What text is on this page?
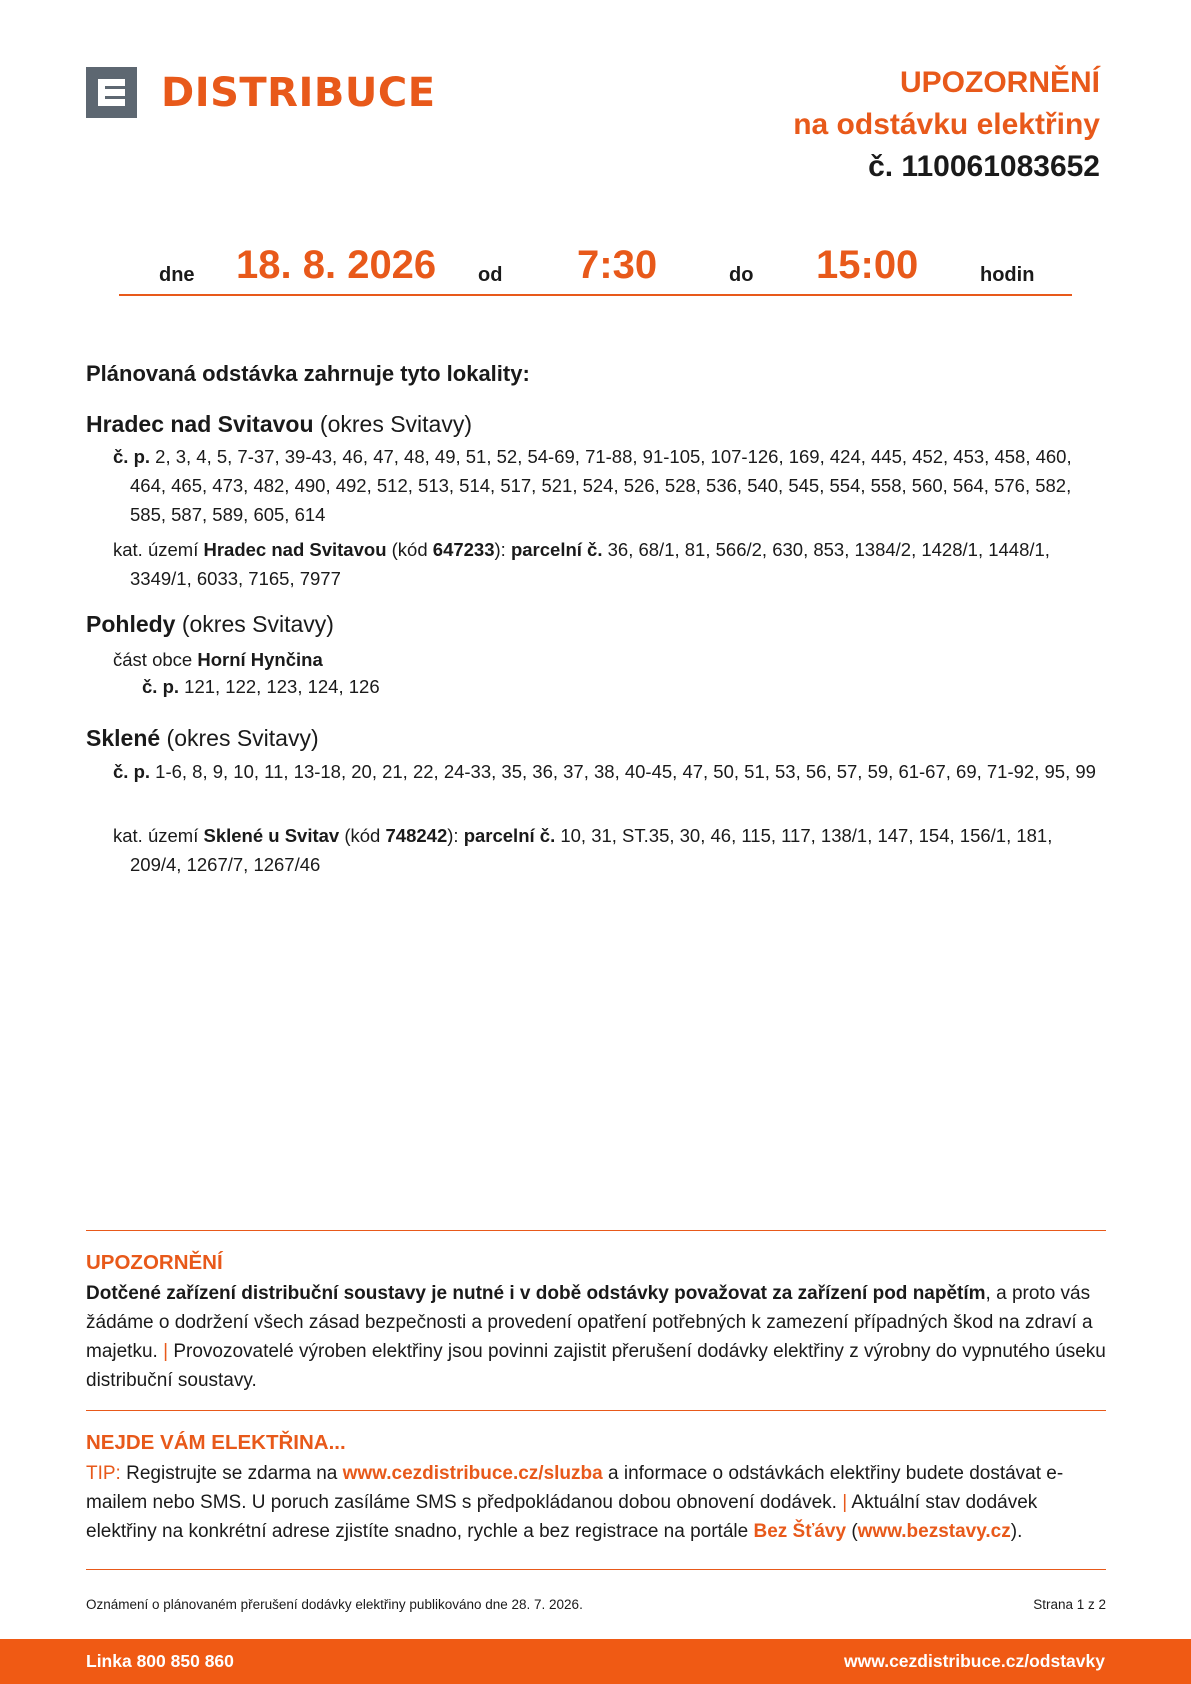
DISTRIBUCE	UPOZORNĚNÍ
na odstávku elektřiny
č. 110061083652
dne 18. 8. 2026 od 7:30	do 15:00	hodin
Plánovaná odstávka zahrnuje tyto lokality:
Hradec nad Svitavou (okres Svitavy)
č. p. 2, 3, 4, 5, 7-37, 39-43, 46, 47, 48, 49, 51, 52, 54-69, 71-88, 91-105, 107-126, 169, 424, 445, 452, 453, 458, 460, 464, 465, 473, 482, 490, 492, 512, 513, 514, 517, 521, 524, 526, 528, 536, 540, 545, 554, 558, 560, 564, 576, 582, 585, 587, 589, 605, 614
kat. území Hradec nad Svitavou (kód 647233): parcelní č. 36, 68/1, 81, 566/2, 630, 853, 1384/2, 1428/1, 1448/1, 3349/1, 6033, 7165, 7977
Pohledy (okres Svitavy)
část obce Horní Hynčina
č. p. 121, 122, 123, 124, 126
Sklené (okres Svitavy)
č. p. 1-6, 8, 9, 10, 11, 13-18, 20, 21, 22, 24-33, 35, 36, 37, 38, 40-45, 47, 50, 51, 53, 56, 57, 59, 61-67, 69, 71-92, 95, 99
kat. území Sklené u Svitav (kód 748242): parcelní č. 10, 31, ST.35, 30, 46, 115, 117, 138/1, 147, 154, 156/1, 181, 209/4, 1267/7, 1267/46
UPOZORNĚNÍ
Dotčené zařízení distribuční soustavy je nutné i v době odstávky považovat za zařízení pod napětím, a proto vás žádáme o dodržení všech zásad bezpečnosti a provedení opatření potřebných k zamezení případných škod na zdraví a majetku. | Provozovatelé výroben elektřiny jsou povinni zajistit přerušení dodávky elektřiny z výrobny do vypnutého úseku distribuční soustavy.
NEJDE VÁM ELEKTŘINA...
TIP: Registrujte se zdarma na www.cezdistribuce.cz/sluzba a informace o odstávkách elektřiny budete dostávat e-mailem nebo SMS. U poruch zasíláme SMS s předpokládanou dobou obnovení dodávek. | Aktuální stav dodávek elektřiny na konkrétní adrese zjistíte snadno, rychle a bez registrace na portále Bez Šťávy (www.bezstavy.cz).
Oznámení o plánovaném přerušení dodávky elektřiny publikováno dne 28. 7. 2026.	Strana 1 z 2
Linka 800 850 860	www.cezdistribuce.cz/odstavky
